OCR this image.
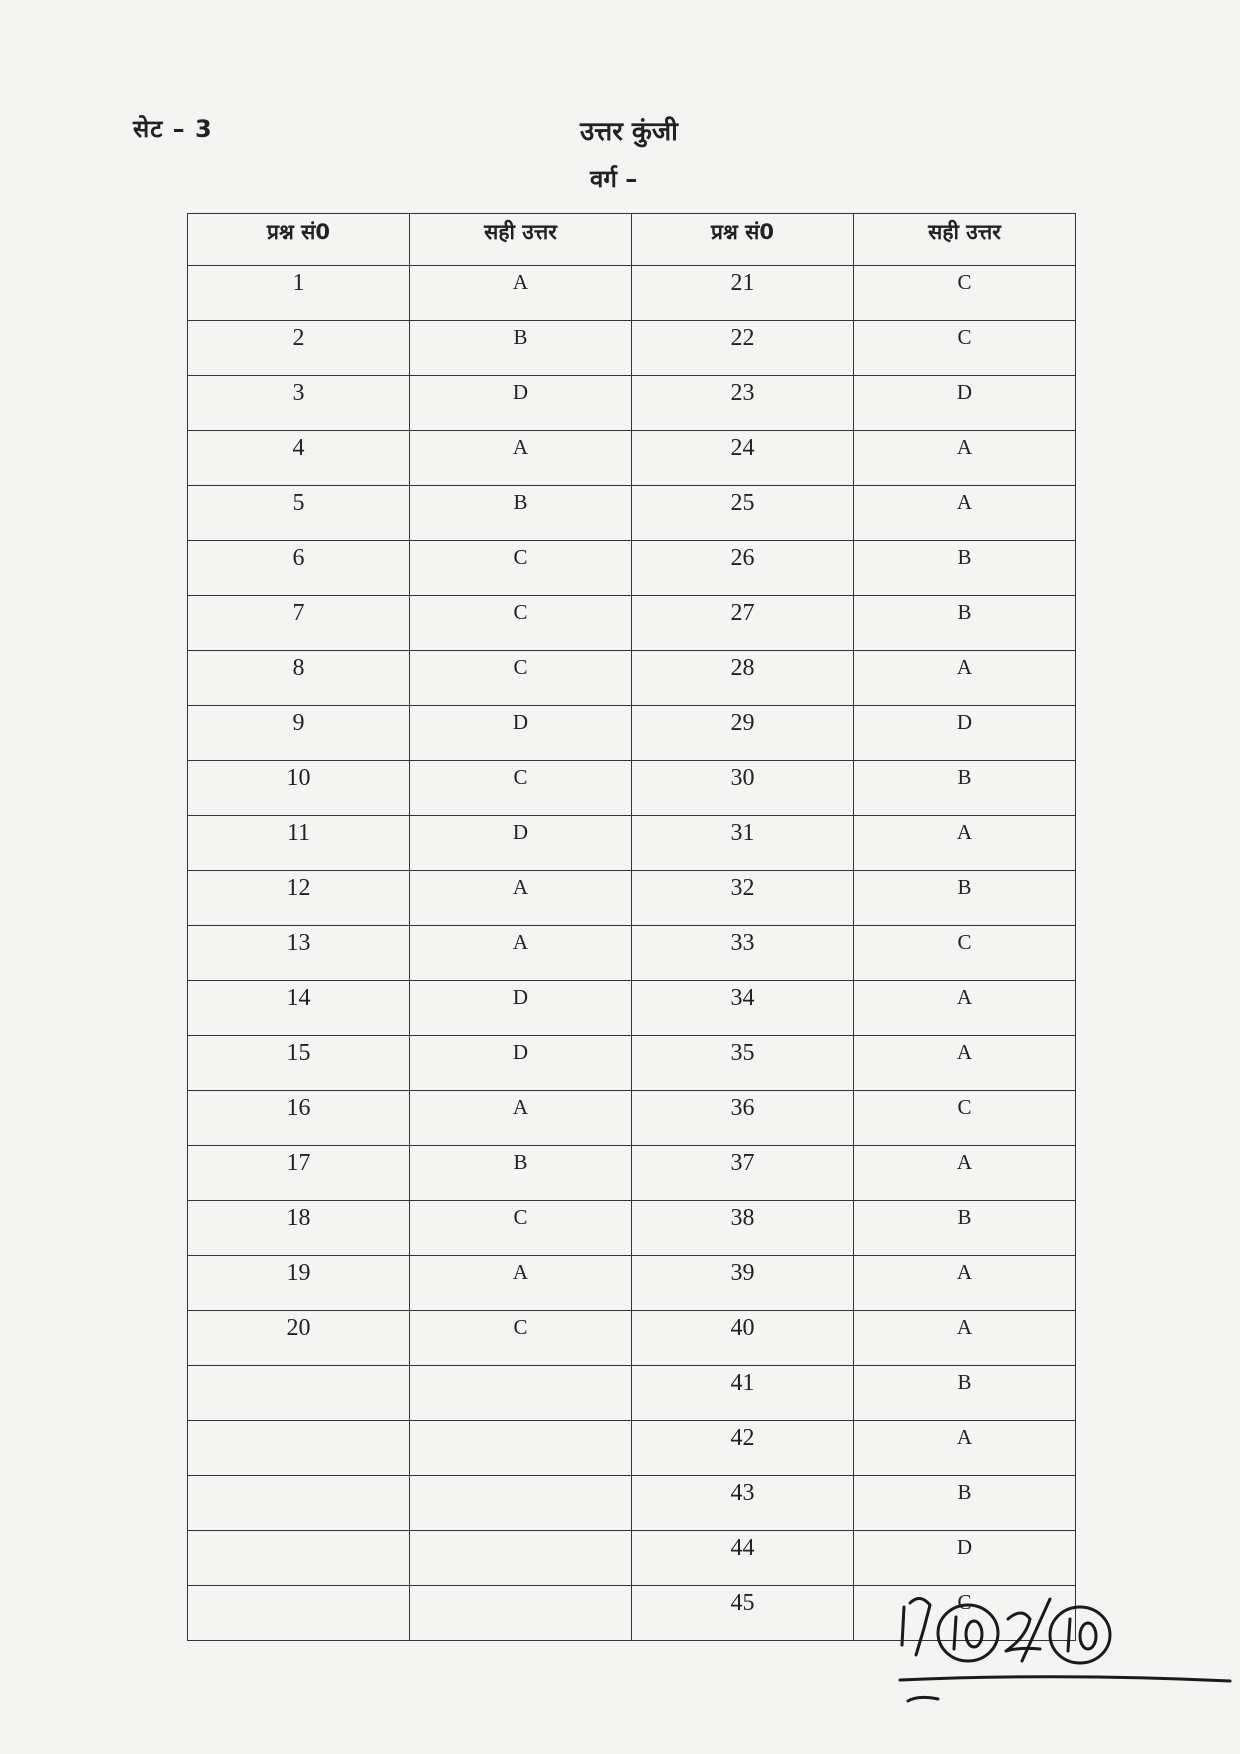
सेट – 3	उत्तर कुंजी
वर्ग –
प्रश्न सं0	सही उत्तर	प्रश्न सं0	सही उत्तर
1	A	21	C
2	B	22	C
3	D	23	D
4	A	24	A
5	B	25	A
6	C	26	B
7	C	27	B
8	C	28	A
9	D	29	D
10	C	30	B
11	D	31	A
12	A	32	B
13	A	33	C
14	D	34	A
15	D	35	A
16	A	36	C
17	B	37	A
18	C	38	B
19	A	39	A
20	C	40	A
		41	B
		42	A
		43	B
		44	D
		45	C
